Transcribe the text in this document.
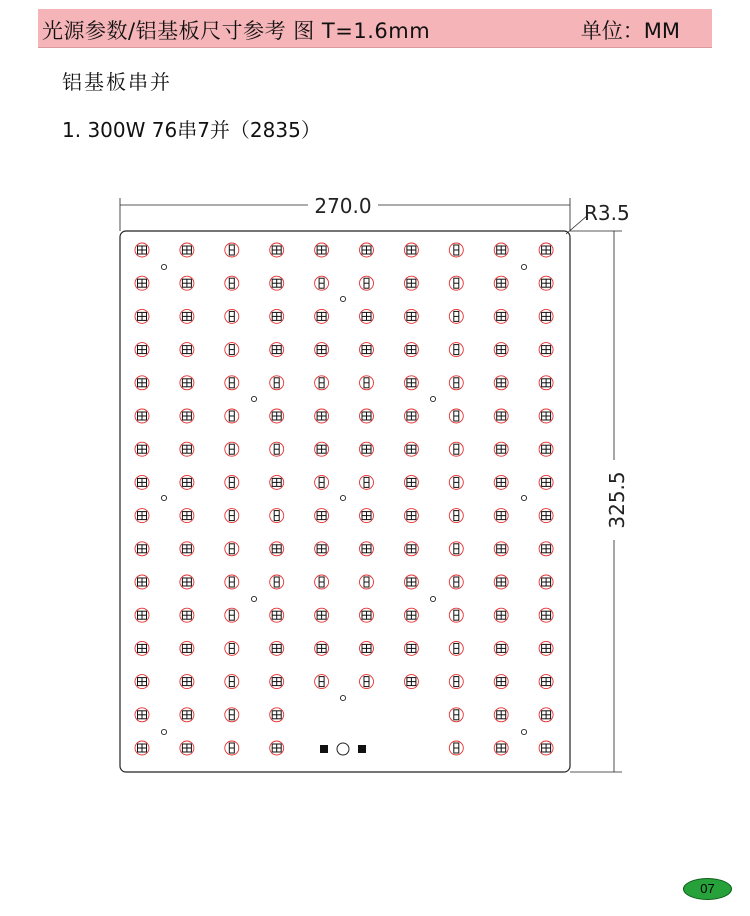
光源参数/铝基板尺寸参考 图 T=1.6mm	单位：MM
铝基板串并
1. 300W 76串7并（2835）
270.0	R3.5
325.5
07
